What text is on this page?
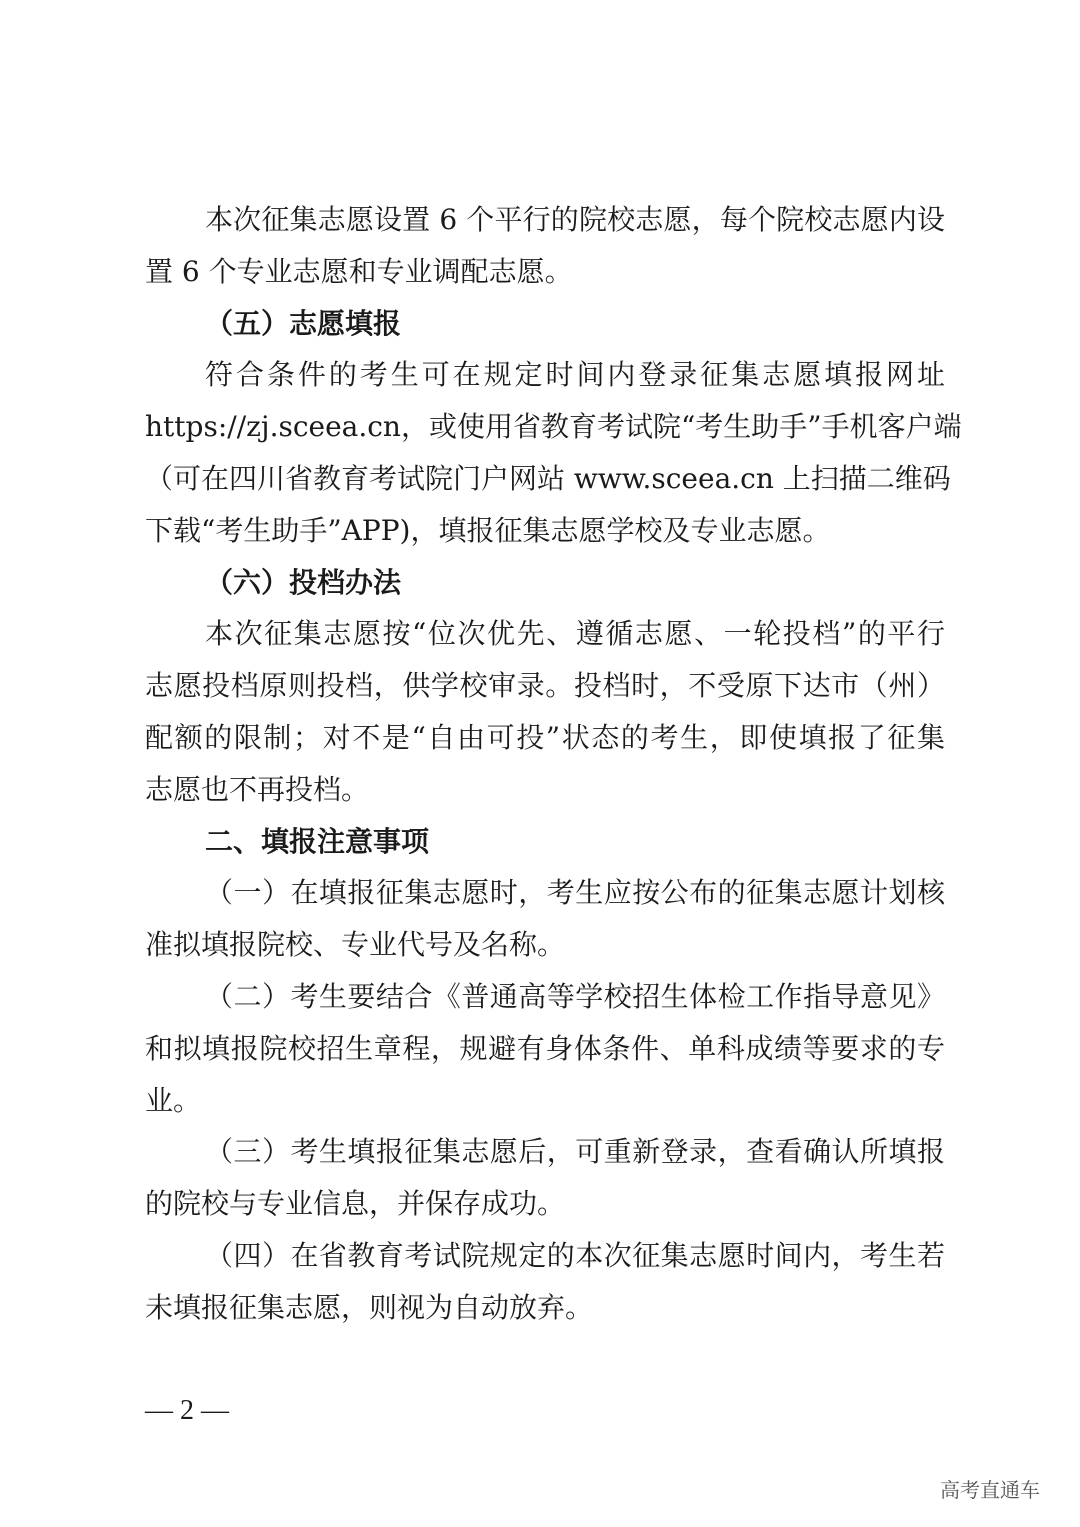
本次征集志愿设置 6 个平行的院校志愿，每个院校志愿内设
置 6 个专业志愿和专业调配志愿。
（五）志愿填报
符合条件的考生可在规定时间内登录征集志愿填报网址
https://zj.sceea.cn，或使用省教育考试院“考生助手”手机客户端
（可在四川省教育考试院门户网站 www.sceea.cn 上扫描二维码
下载“考生助手”APP)，填报征集志愿学校及专业志愿。
（六）投档办法
本次征集志愿按“位次优先、遵循志愿、一轮投档”的平行
志愿投档原则投档，供学校审录。投档时，不受原下达市（州）
配额的限制；对不是“自由可投”状态的考生，即使填报了征集
志愿也不再投档。
二、填报注意事项
（一）在填报征集志愿时，考生应按公布的征集志愿计划核
准拟填报院校、专业代号及名称。
（二）考生要结合《普通高等学校招生体检工作指导意见》
和拟填报院校招生章程，规避有身体条件、单科成绩等要求的专
业。
（三）考生填报征集志愿后，可重新登录，查看确认所填报
的院校与专业信息，并保存成功。
（四）在省教育考试院规定的本次征集志愿时间内，考生若
未填报征集志愿，则视为自动放弃。
— 2 —
高考直通车
